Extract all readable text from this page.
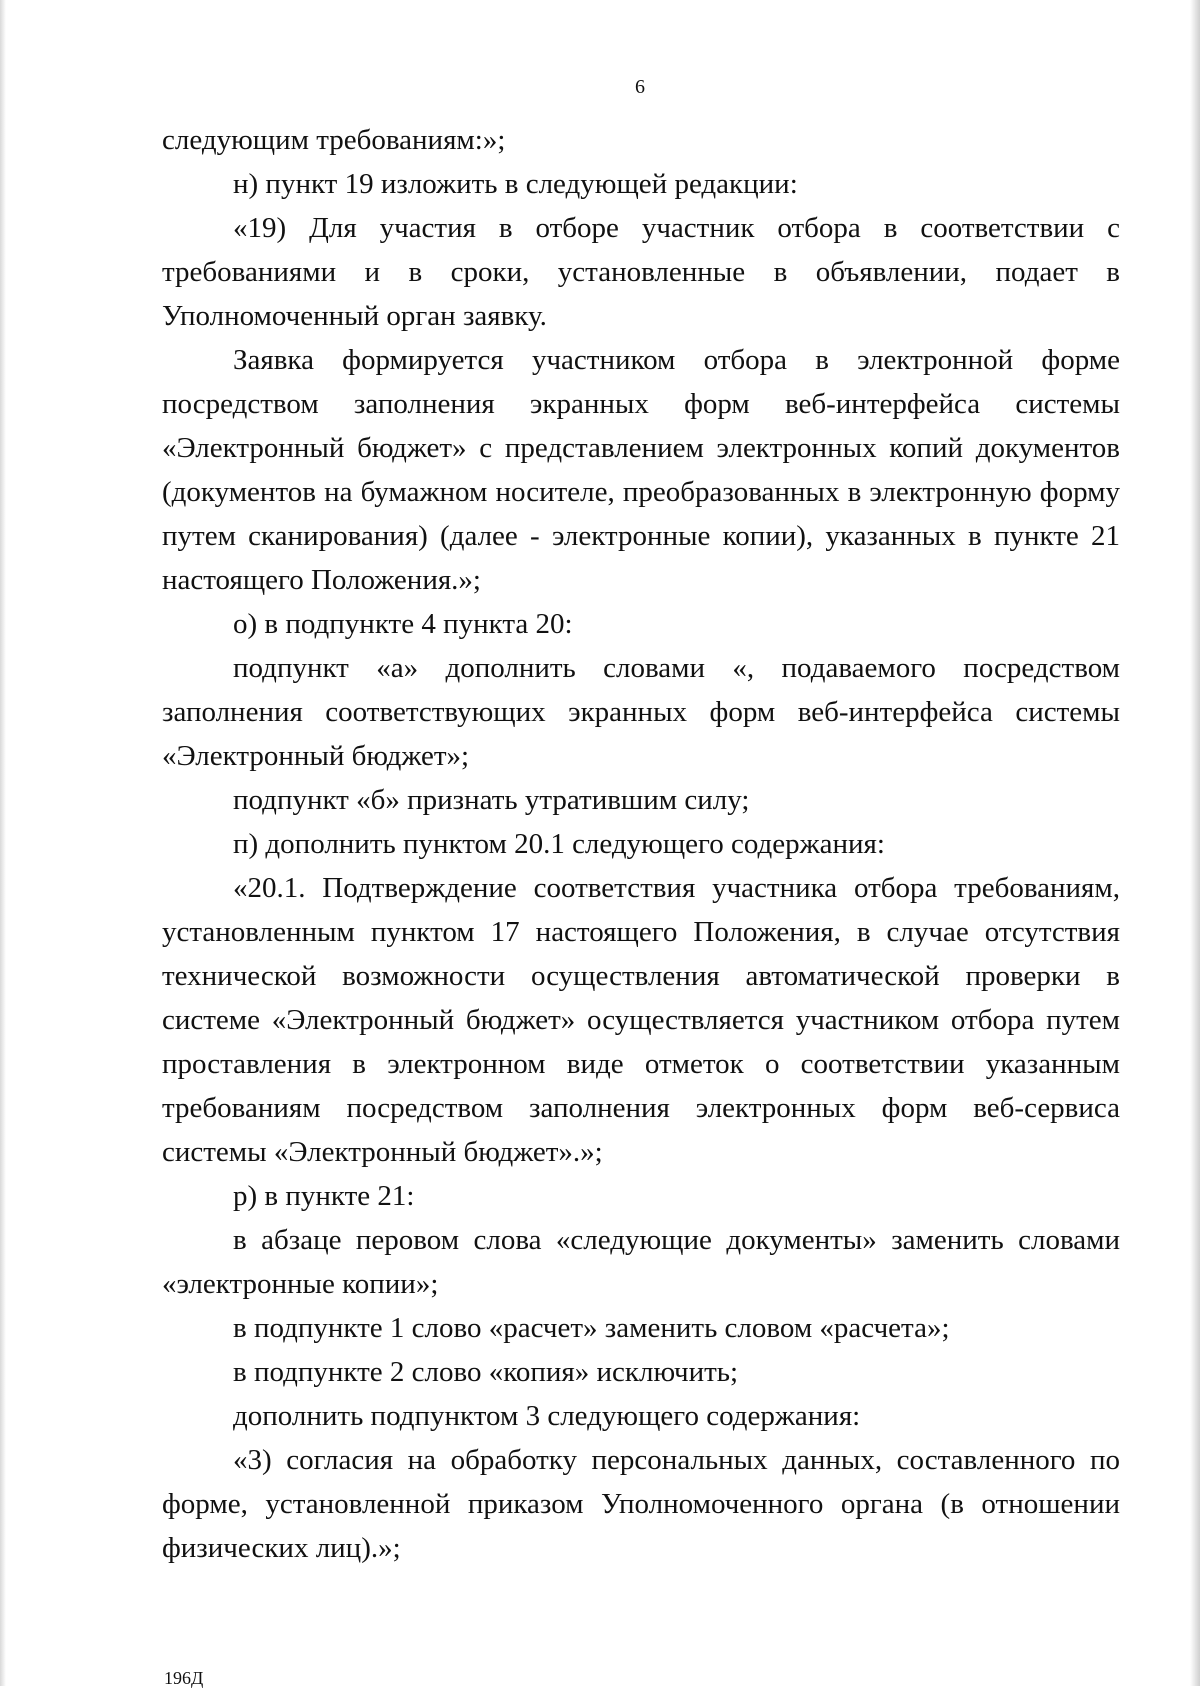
6

следующим требованиям:»;

н) пункт 19 изложить в следующей редакции:

«19) Для участия в отборе участник отбора в соответствии с требованиями и в сроки, установленные в объявлении, подает в Уполномоченный орган заявку.

Заявка формируется участником отбора в электронной форме посредством заполнения экранных форм веб-интерфейса системы «Электронный бюджет» с представлением электронных копий документов (документов на бумажном носителе, преобразованных в электронную форму путем сканирования) (далее - электронные копии), указанных в пункте 21 настоящего Положения.»;

о) в подпункте 4 пункта 20:

подпункт «а» дополнить словами «, подаваемого посредством заполнения соответствующих экранных форм веб-интерфейса системы «Электронный бюджет»;

подпункт «б» признать утратившим силу;

п) дополнить пунктом 20.1 следующего содержания:

«20.1. Подтверждение соответствия участника отбора требованиям, установленным пунктом 17 настоящего Положения, в случае отсутствия технической возможности осуществления автоматической проверки в системе «Электронный бюджет» осуществляется участником отбора путем проставления в электронном виде отметок о соответствии указанным требованиям посредством заполнения электронных форм веб-сервиса системы «Электронный бюджет».»;

р) в пункте 21:

в абзаце перовом слова «следующие документы» заменить словами «электронные копии»;

в подпункте 1 слово «расчет» заменить словом «расчета»;

в подпункте 2 слово «копия» исключить;

дополнить подпунктом 3 следующего содержания:

«3) согласия на обработку персональных данных, составленного по форме, установленной приказом Уполномоченного органа (в отношении физических лиц).»;

196Д
